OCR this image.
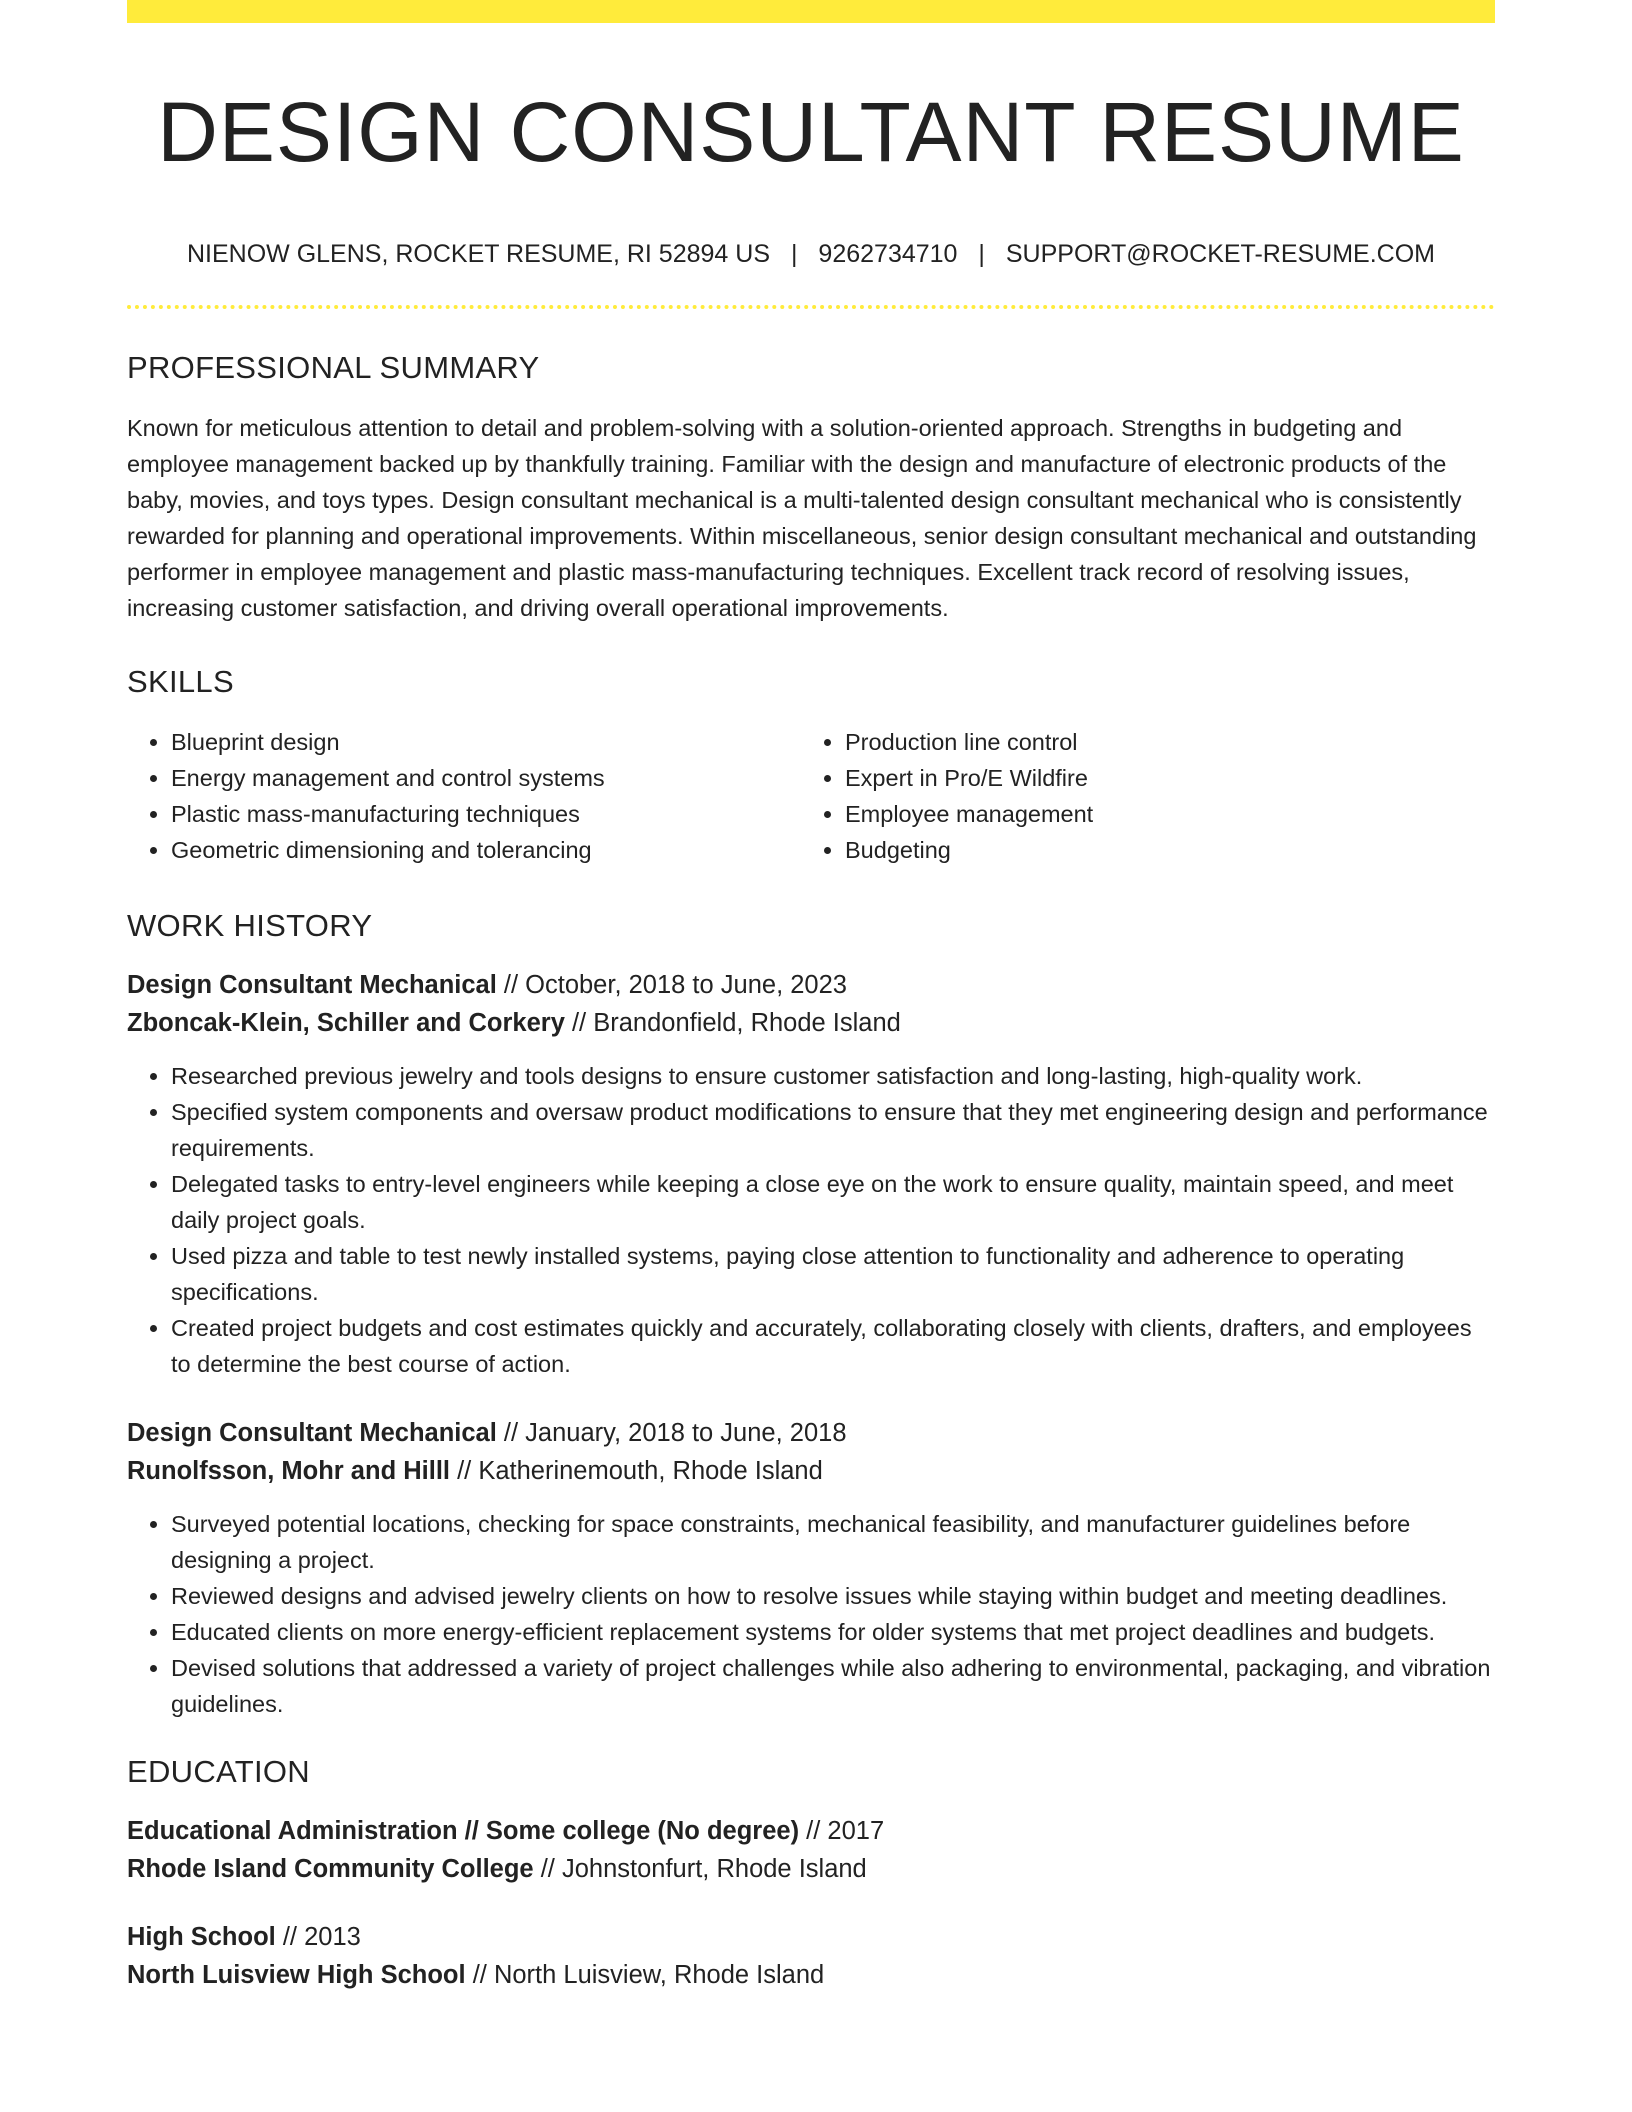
DESIGN CONSULTANT RESUME
NIENOW GLENS, ROCKET RESUME, RI 52894 US | 9262734710 | SUPPORT@ROCKET-RESUME.COM
PROFESSIONAL SUMMARY

Known for meticulous attention to detail and problem-solving with a solution-oriented approach. Strengths in budgeting and employee management backed up by thankfully training. Familiar with the design and manufacture of electronic products of the baby, movies, and toys types. Design consultant mechanical is a multi-talented design consultant mechanical who is consistently rewarded for planning and operational improvements. Within miscellaneous, senior design consultant mechanical and outstanding performer in employee management and plastic mass-manufacturing techniques. Excellent track record of resolving issues, increasing customer satisfaction, and driving overall operational improvements.

SKILLS
• Blueprint design
• Energy management and control systems
• Plastic mass-manufacturing techniques
• Geometric dimensioning and tolerancing
• Production line control
• Expert in Pro/E Wildfire
• Employee management
• Budgeting
WORK HISTORY
Design Consultant Mechanical // October, 2018 to June, 2023
Zboncak-Klein, Schiller and Corkery // Brandonfield, Rhode Island
• Researched previous jewelry and tools designs to ensure customer satisfaction and long-lasting, high-quality work.
• Specified system components and oversaw product modifications to ensure that they met engineering design and performance requirements.
• Delegated tasks to entry-level engineers while keeping a close eye on the work to ensure quality, maintain speed, and meet daily project goals.
• Used pizza and table to test newly installed systems, paying close attention to functionality and adherence to operating specifications.
• Created project budgets and cost estimates quickly and accurately, collaborating closely with clients, drafters, and employees to determine the best course of action.
Design Consultant Mechanical // January, 2018 to June, 2018
Runolfsson, Mohr and Hilll // Katherinemouth, Rhode Island
• Surveyed potential locations, checking for space constraints, mechanical feasibility, and manufacturer guidelines before designing a project.
• Reviewed designs and advised jewelry clients on how to resolve issues while staying within budget and meeting deadlines.
• Educated clients on more energy-efficient replacement systems for older systems that met project deadlines and budgets.
• Devised solutions that addressed a variety of project challenges while also adhering to environmental, packaging, and vibration guidelines.
EDUCATION
Educational Administration // Some college (No degree) // 2017
Rhode Island Community College // Johnstonfurt, Rhode Island
High School // 2013
North Luisview High School // North Luisview, Rhode Island
